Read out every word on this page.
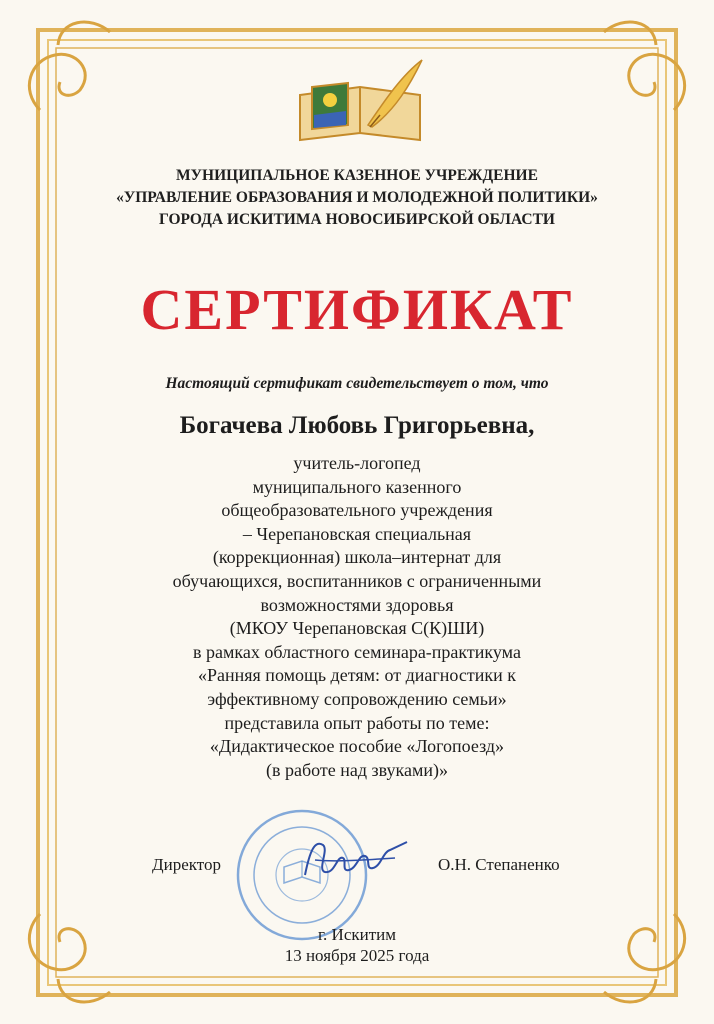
МУНИЦИПАЛЬНОЕ КАЗЕННОЕ УЧРЕЖДЕНИЕ
«УПРАВЛЕНИЕ ОБРАЗОВАНИЯ И МОЛОДЕЖНОЙ ПОЛИТИКИ»
ГОРОДА ИСКИТИМА НОВОСИБИРСКОЙ ОБЛАСТИ
СЕРТИФИКАТ
Настоящий сертификат свидетельствует о том, что
Богачева Любовь Григорьевна,
учитель-логопед
муниципального казенного
общеобразовательного учреждения
– Черепановская специальная
(коррекционная) школа–интернат для
обучающихся, воспитанников с ограниченными
возможностями здоровья
(МКОУ Черепановская С(К)ШИ)
в рамках областного семинара-практикума
«Ранняя помощь детям: от диагностики к
эффективному сопровождению семьи»
представила опыт работы по теме:
«Дидактическое пособие «Логопоезд»
(в работе над звуками)»
Директор	О.Н. Степаненко
г. Искитим
13 ноября 2025 года
